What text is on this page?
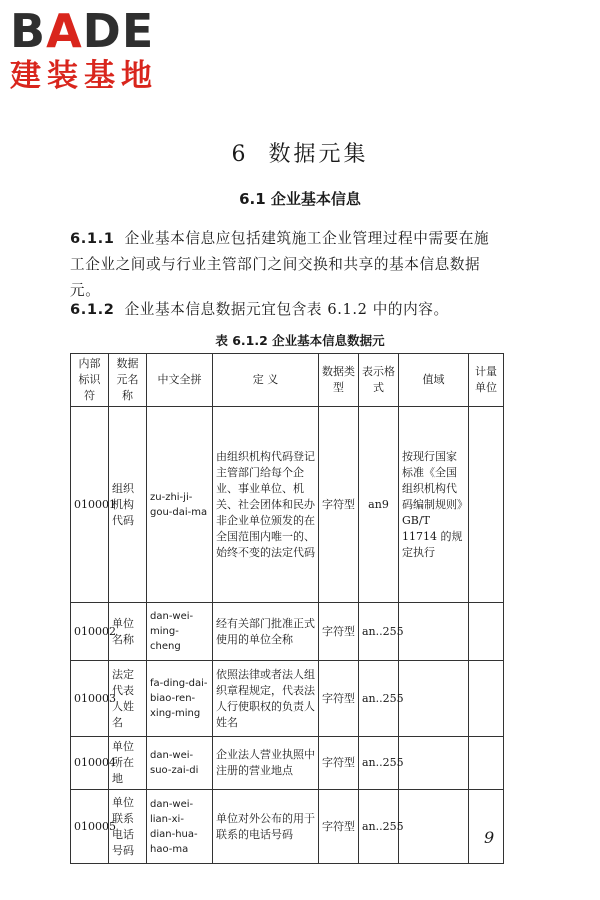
BADE
建装基地
6 数据元集
6.1 企业基本信息
6.1.1 企业基本信息应包括建筑施工企业管理过程中需要在施工企业之间或与行业主管部门之间交换和共享的基本信息数据元。
6.1.2 企业基本信息数据元宜包含表 6.1.2 中的内容。
表 6.1.2 企业基本信息数据元
内部标识符	数据元名称	中文全拼	定 义	数据类型	表示格式	值域	计量单位
010001	组织机构代码	zu-zhi-ji-gou-dai-ma	由组织机构代码登记主管部门给每个企业、事业单位、机关、社会团体和民办非企业单位颁发的在全国范围内唯一的、始终不变的法定代码	字符型	an9	按现行国家标准《全国组织机构代码编制规则》GB/T 11714 的规定执行	
010002	单位名称	dan-wei-ming-cheng	经有关部门批准正式使用的单位全称	字符型	an..255		
010003	法定代表人姓名	fa-ding-dai-biao-ren-xing-ming	依照法律或者法人组织章程规定，代表法人行使职权的负责人姓名	字符型	an..255		
010004	单位所在地	dan-wei-suo-zai-di	企业法人营业执照中注册的营业地点	字符型	an..255		
010005	单位联系电话号码	dan-wei-lian-xi-dian-hua-hao-ma	单位对外公布的用于联系的电话号码	字符型	an..255		
9
